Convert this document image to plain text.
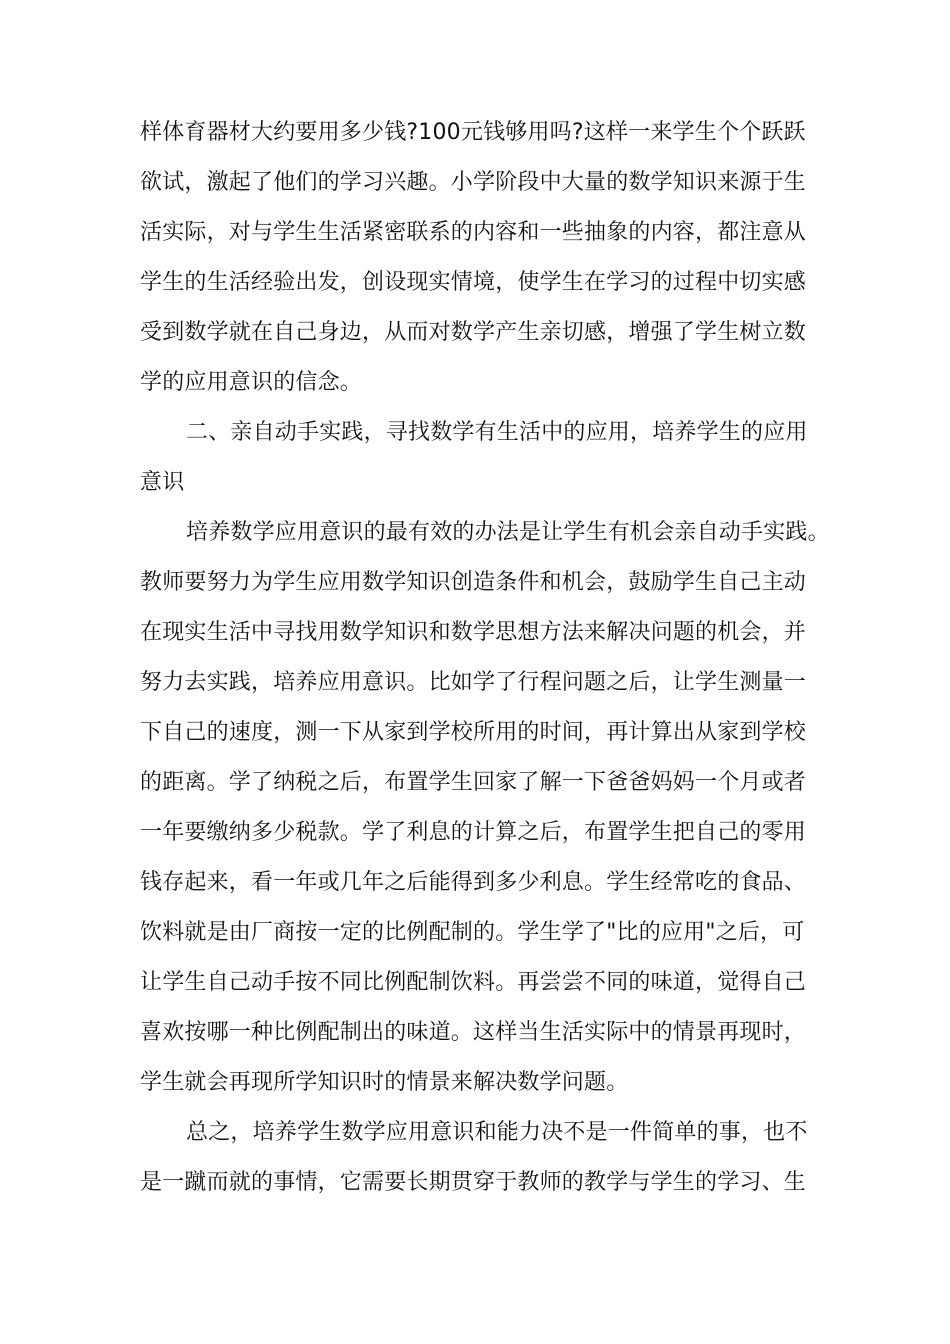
样体育器材大约要用多少钱?100元钱够用吗?这样一来学生个个跃跃
欲试，激起了他们的学习兴趣。小学阶段中大量的数学知识来源于生
活实际，对与学生生活紧密联系的内容和一些抽象的内容，都注意从
学生的生活经验出发，创设现实情境，使学生在学习的过程中切实感
受到数学就在自己身边，从而对数学产生亲切感，增强了学生树立数
学的应用意识的信念。
二、亲自动手实践，寻找数学有生活中的应用，培养学生的应用
意识
培养数学应用意识的最有效的办法是让学生有机会亲自动手实践。
教师要努力为学生应用数学知识创造条件和机会，鼓励学生自己主动
在现实生活中寻找用数学知识和数学思想方法来解决问题的机会，并
努力去实践，培养应用意识。比如学了行程问题之后，让学生测量一
下自己的速度，测一下从家到学校所用的时间，再计算出从家到学校
的距离。学了纳税之后，布置学生回家了解一下爸爸妈妈一个月或者
一年要缴纳多少税款。学了利息的计算之后，布置学生把自己的零用
钱存起来，看一年或几年之后能得到多少利息。学生经常吃的食品、
饮料就是由厂商按一定的比例配制的。学生学了"比的应用"之后，可
让学生自己动手按不同比例配制饮料。再尝尝不同的味道，觉得自己
喜欢按哪一种比例配制出的味道。这样当生活实际中的情景再现时，
学生就会再现所学知识时的情景来解决数学问题。
总之，培养学生数学应用意识和能力决不是一件简单的事，也不
是一蹴而就的事情，它需要长期贯穿于教师的教学与学生的学习、生
